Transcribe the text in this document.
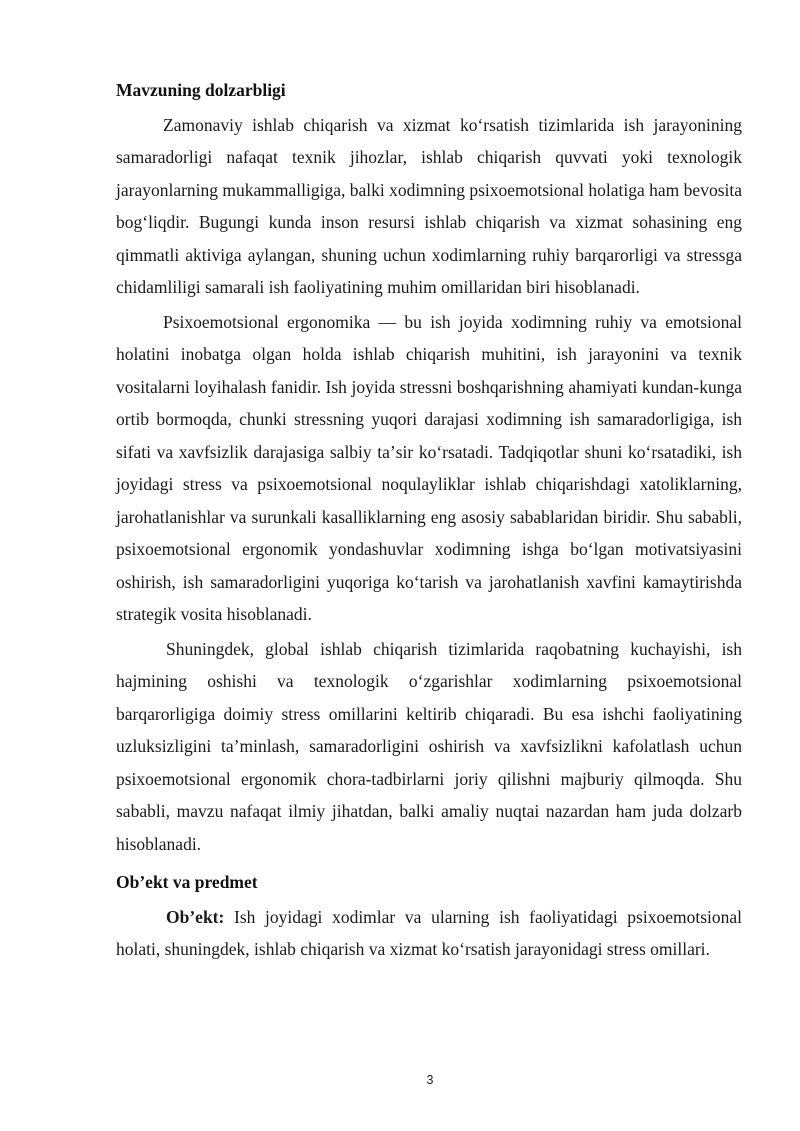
Mavzuning dolzarbligi

Zamonaviy ishlab chiqarish va xizmat koʻrsatish tizimlarida ish jarayonining samaradorligi nafaqat texnik jihozlar, ishlab chiqarish quvvati yoki texnologik jarayonlarning mukammalligiga, balki xodimning psixoemotsional holatiga ham bevosita bogʻliqdir. Bugungi kunda inson resursi ishlab chiqarish va xizmat sohasining eng qimmatli aktiviga aylangan, shuning uchun xodimlarning ruhiy barqarorligi va stressga chidamliligi samarali ish faoliyatining muhim omillaridan biri hisoblanadi.

Psixoemotsional ergonomika — bu ish joyida xodimning ruhiy va emotsional holatini inobatga olgan holda ishlab chiqarish muhitini, ish jarayonini va texnik vositalarni loyihalash fanidir. Ish joyida stressni boshqarishning ahamiyati kundan-kunga ortib bormoqda, chunki stressning yuqori darajasi xodimning ish samaradorligiga, ish sifati va xavfsizlik darajasiga salbiy taʼsir koʻrsatadi. Tadqiqotlar shuni koʻrsatadiki, ish joyidagi stress va psixoemotsional noqulayliklar ishlab chiqarishdagi xatoliklarning, jarohatlanishlar va surunkali kasalliklarning eng asosiy sabablaridan biridir. Shu sababli, psixoemotsional ergonomik yondashuvlar xodimning ishga boʻlgan motivatsiyasini oshirish, ish samaradorligini yuqoriga koʻtarish va jarohatlanish xavfini kamaytirishda strategik vosita hisoblanadi.

Shuningdek, global ishlab chiqarish tizimlarida raqobatning kuchayishi, ish hajmining oshishi va texnologik oʻzgarishlar xodimlarning psixoemotsional barqarorligiga doimiy stress omillarini keltirib chiqaradi. Bu esa ishchi faoliyatining uzluksizligini taʼminlash, samaradorligini oshirish va xavfsizlikni kafolatlash uchun psixoemotsional ergonomik chora-tadbirlarni joriy qilishni majburiy qilmoqda. Shu sababli, mavzu nafaqat ilmiy jihatdan, balki amaliy nuqtai nazardan ham juda dolzarb hisoblanadi.

Obʼekt va predmet

Obʼekt: Ish joyidagi xodimlar va ularning ish faoliyatidagi psixoemotsional holati, shuningdek, ishlab chiqarish va xizmat koʻrsatish jarayonidagi stress omillari.

3
